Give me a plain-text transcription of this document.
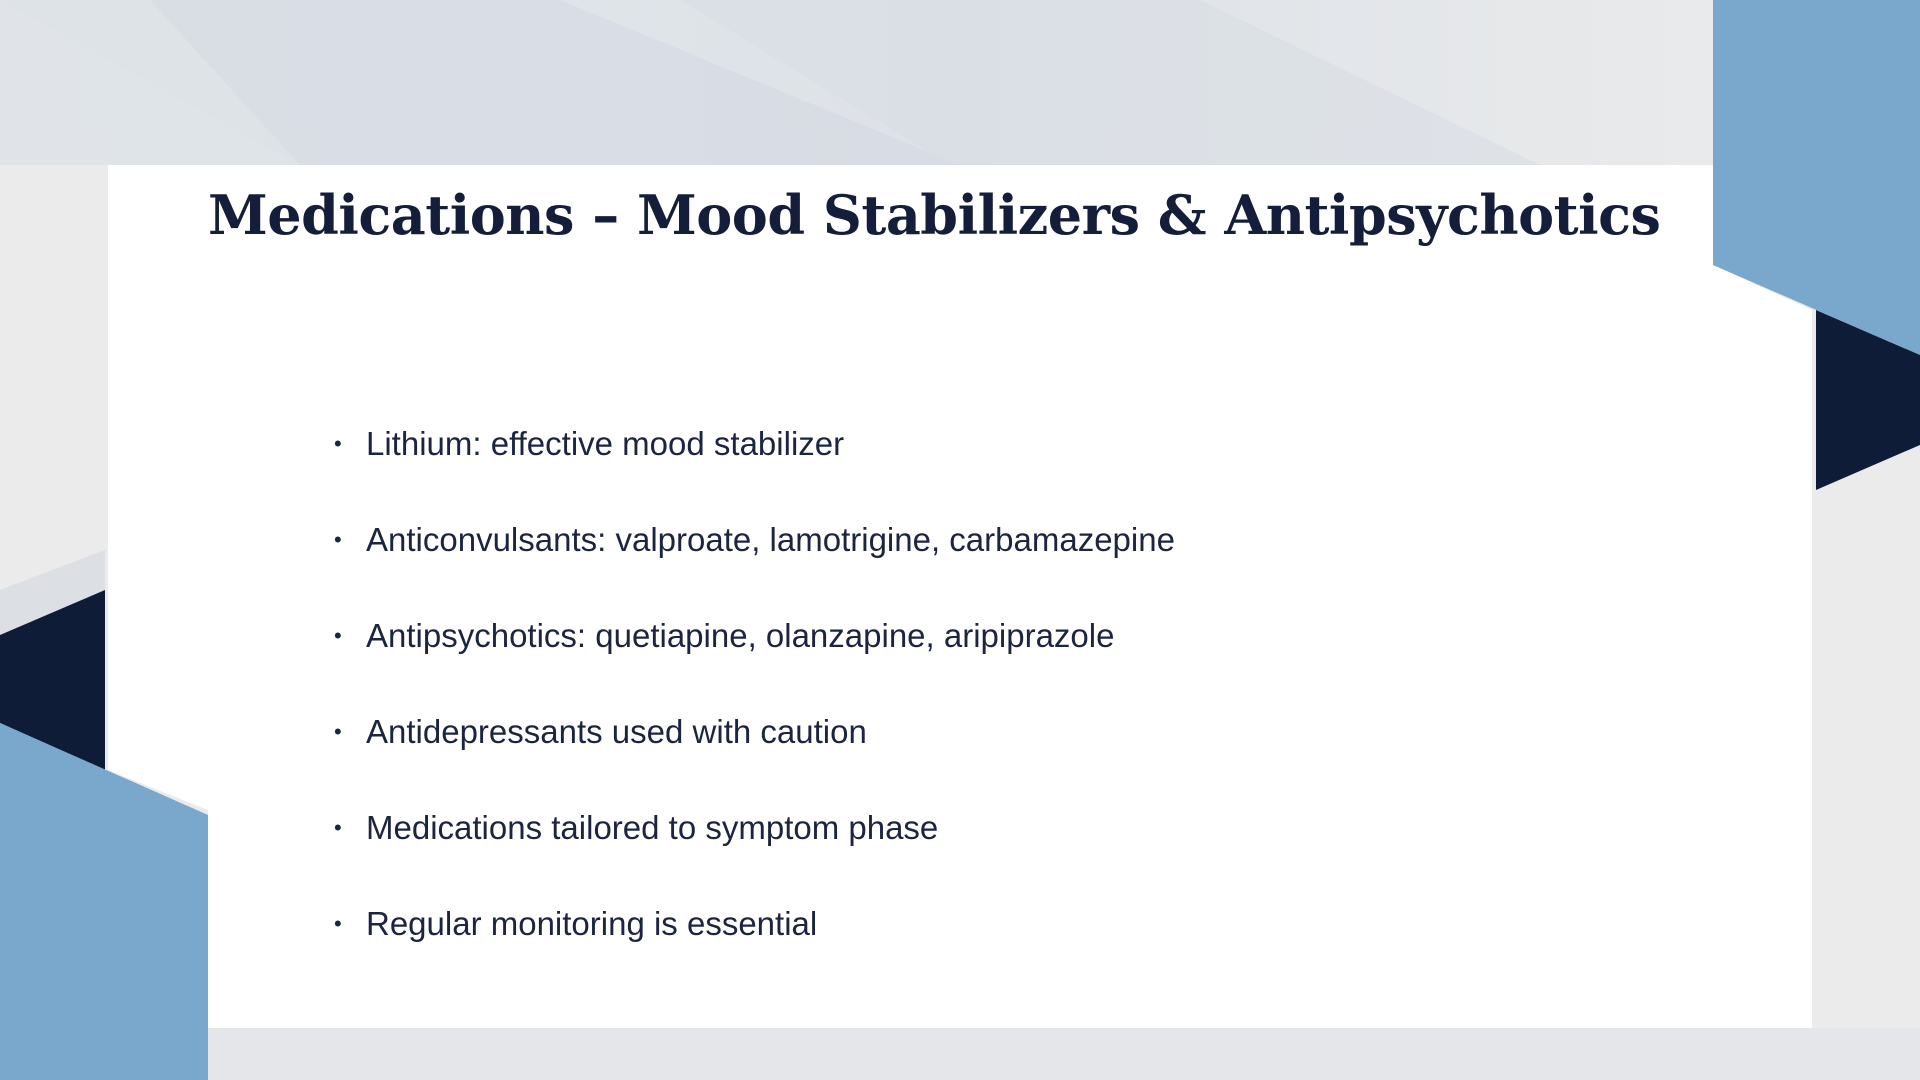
Medications – Mood Stabilizers & Antipsychotics
• Lithium: effective mood stabilizer
• Anticonvulsants: valproate, lamotrigine, carbamazepine
• Antipsychotics: quetiapine, olanzapine, aripiprazole
• Antidepressants used with caution
• Medications tailored to symptom phase
• Regular monitoring is essential
